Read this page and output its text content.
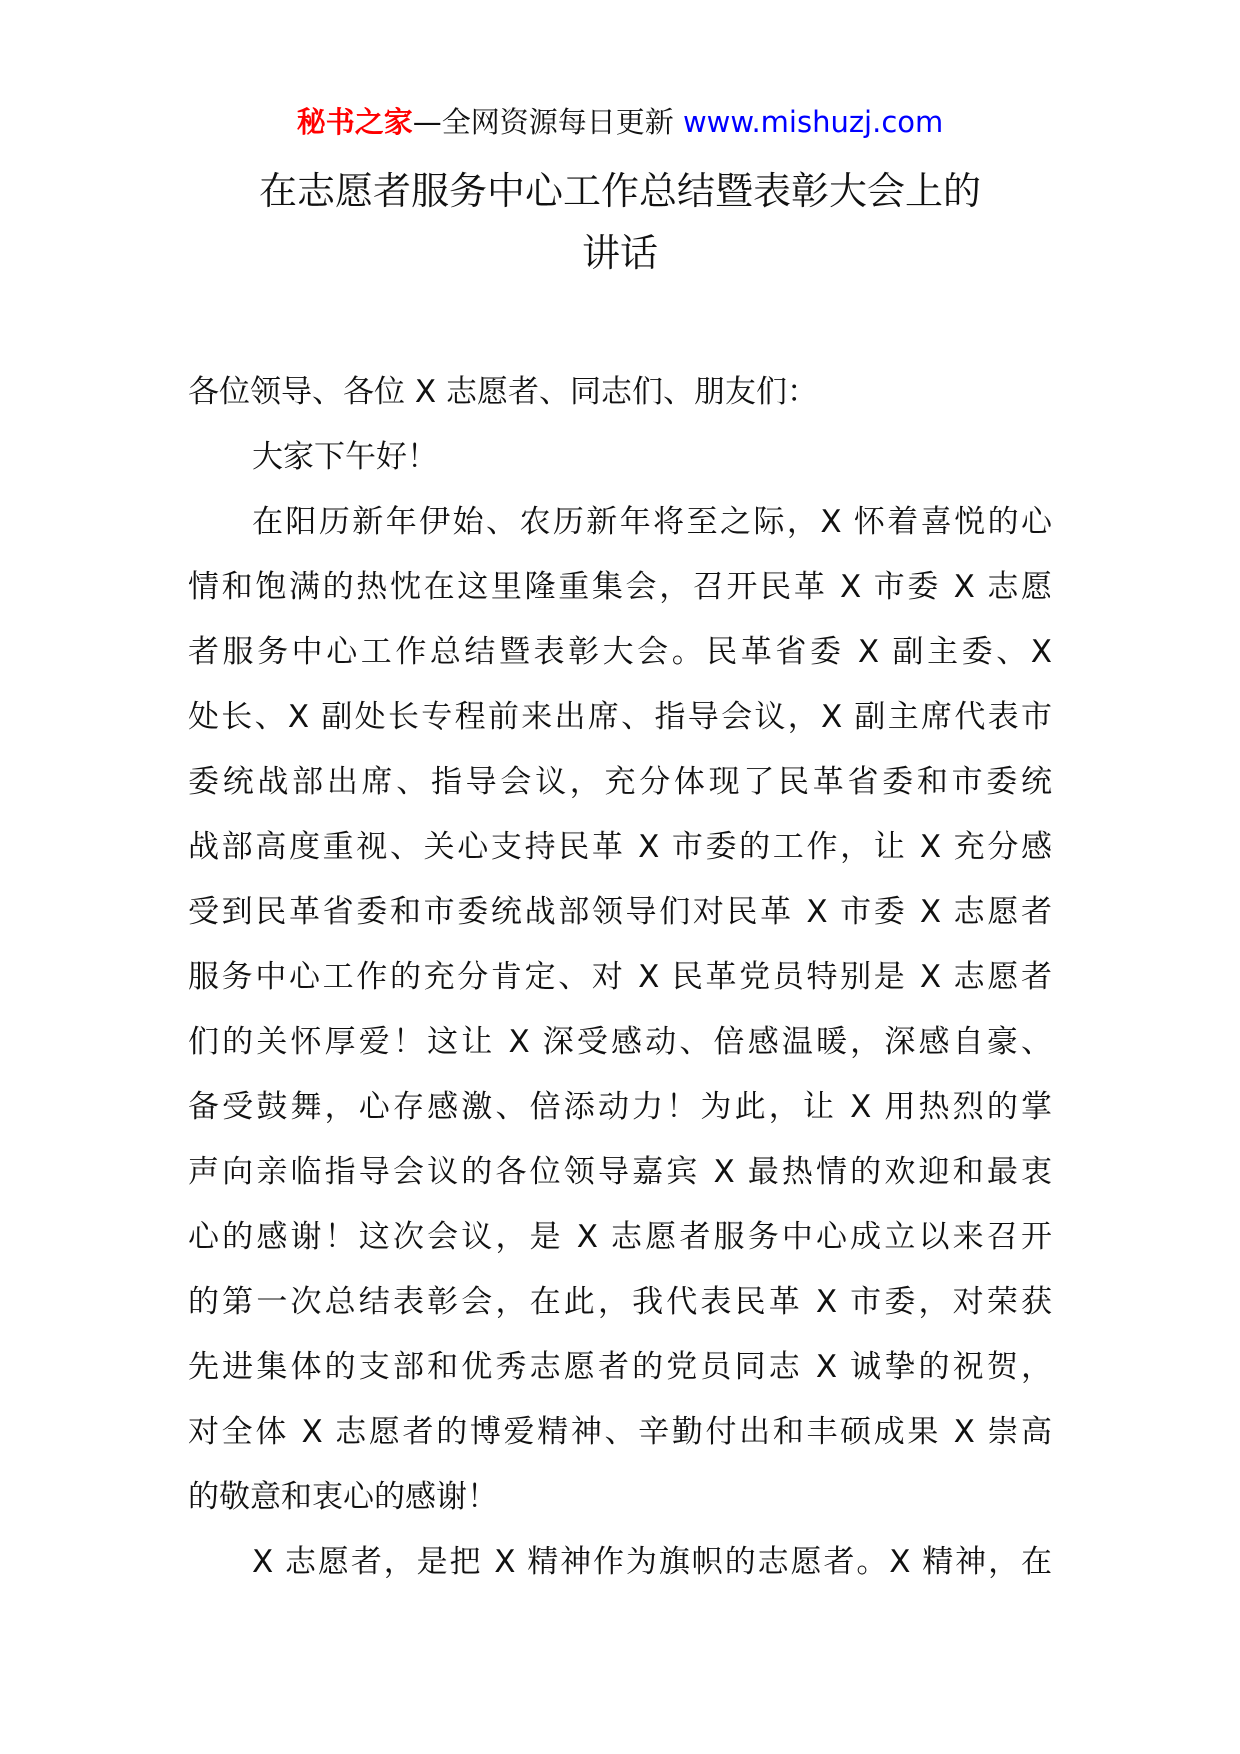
秘书之家—全网资源每日更新 www.mishuzj.com
在志愿者服务中心工作总结暨表彰大会上的
讲话

各位领导、各位 X 志愿者、同志们、朋友们：

大家下午好！

在阳历新年伊始、农历新年将至之际，X 怀着喜悦的心
情和饱满的热忱在这里隆重集会，召开民革 X 市委 X 志愿
者服务中心工作总结暨表彰大会。民革省委 X 副主委、X
处长、X 副处长专程前来出席、指导会议，X 副主席代表市
委统战部出席、指导会议，充分体现了民革省委和市委统
战部高度重视、关心支持民革 X 市委的工作，让 X 充分感
受到民革省委和市委统战部领导们对民革 X 市委 X 志愿者
服务中心工作的充分肯定、对 X 民革党员特别是 X 志愿者
们的关怀厚爱！这让 X 深受感动、倍感温暖，深感自豪、
备受鼓舞，心存感激、倍添动力！为此，让 X 用热烈的掌
声向亲临指导会议的各位领导嘉宾 X 最热情的欢迎和最衷
心的感谢！这次会议，是 X 志愿者服务中心成立以来召开
的第一次总结表彰会，在此，我代表民革 X 市委，对荣获
先进集体的支部和优秀志愿者的党员同志 X 诚挚的祝贺，
对全体 X 志愿者的博爱精神、辛勤付出和丰硕成果 X 崇高
的敬意和衷心的感谢！
X 志愿者，是把 X 精神作为旗帜的志愿者。X 精神，在
